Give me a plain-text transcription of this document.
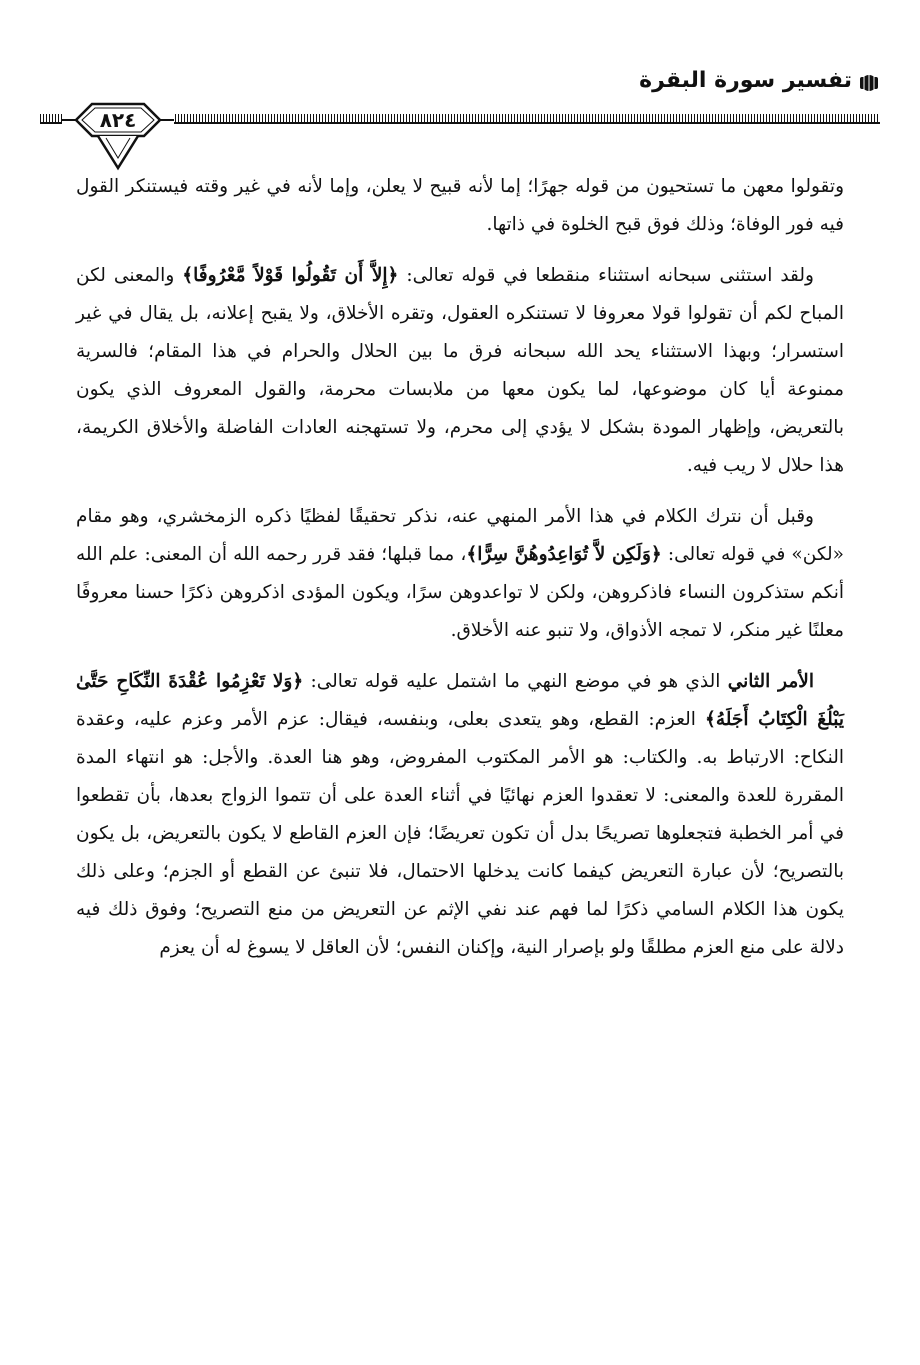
تفسير سورة البقرة
٨٢٤

وتقولوا معهن ما تستحيون من قوله جهرًا؛ إما لأنه قبيح لا يعلن، وإما لأنه في غير وقته فيستنكر القول فيه فور الوفاة؛ وذلك فوق قبح الخلوة في ذاتها.

ولقد استثنى سبحانه استثناء منقطعا في قوله تعالى: ﴿إِلاَّ أَن تَقُولُوا قَوْلاً مَّعْرُوفًا﴾ والمعنى لكن المباح لكم أن تقولوا قولا معروفا لا تستنكره العقول، وتقره الأخلاق، ولا يقبح إعلانه، بل يقال في غير استسرار؛ وبهذا الاستثناء يحد الله سبحانه فرق ما بين الحلال والحرام في هذا المقام؛ فالسرية ممنوعة أيا كان موضوعها، لما يكون معها من ملابسات محرمة، والقول المعروف الذي يكون بالتعريض، وإظهار المودة بشكل لا يؤدي إلى محرم، ولا تستهجنه العادات الفاضلة والأخلاق الكريمة، هذا حلال لا ريب فيه.

وقبل أن نترك الكلام في هذا الأمر المنهي عنه، نذكر تحقيقًا لفظيًا ذكره الزمخشري، وهو مقام «لكن» في قوله تعالى: ﴿وَلَكِن لاَّ تُوَاعِدُوهُنَّ سِرًّا﴾، مما قبلها؛ فقد قرر رحمه الله أن المعنى: علم الله أنكم ستذكرون النساء فاذكروهن، ولكن لا تواعدوهن سرًا، ويكون المؤدى اذكروهن ذكرًا حسنا معروفًا معلنًا غير منكر، لا تمجه الأذواق، ولا تنبو عنه الأخلاق.

الأمر الثاني الذي هو في موضع النهي ما اشتمل عليه قوله تعالى: ﴿وَلا تَعْزِمُوا عُقْدَةَ النِّكَاحِ حَتَّىٰ يَبْلُغَ الْكِتَابُ أَجَلَهُ﴾ العزم: القطع، وهو يتعدى بعلى، وبنفسه، فيقال: عزم الأمر وعزم عليه، وعقدة النكاح: الارتباط به. والكتاب: هو الأمر المكتوب المفروض، وهو هنا العدة. والأجل: هو انتهاء المدة المقررة للعدة والمعنى: لا تعقدوا العزم نهائيًا في أثناء العدة على أن تتموا الزواج بعدها، بأن تقطعوا في أمر الخطبة فتجعلوها تصريحًا بدل أن تكون تعريضًا؛ فإن العزم القاطع لا يكون بالتعريض، بل يكون بالتصريح؛ لأن عبارة التعريض كيفما كانت يدخلها الاحتمال، فلا تنبئ عن القطع أو الجزم؛ وعلى ذلك يكون هذا الكلام السامي ذكرًا لما فهم عند نفي الإثم عن التعريض من منع التصريح؛ وفوق ذلك فيه دلالة على منع العزم مطلقًا ولو بإصرار النية، وإكنان النفس؛ لأن العاقل لا يسوغ له أن يعزم
